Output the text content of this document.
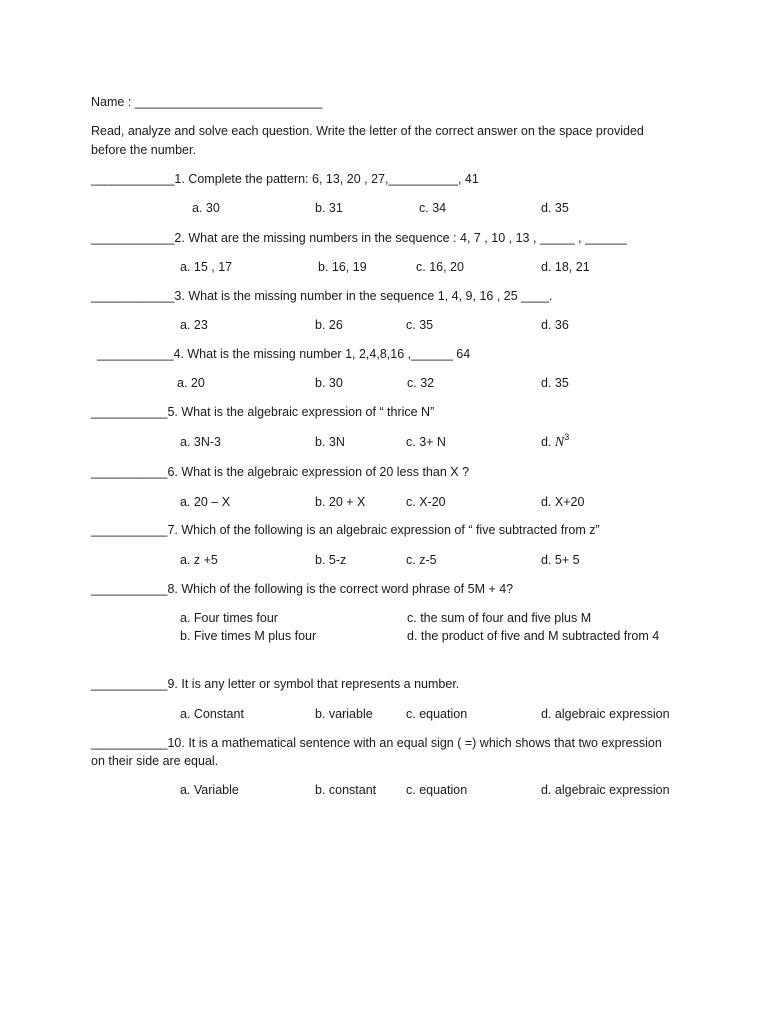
Name : ___________________________
Read, analyze and solve each question. Write the letter of the correct answer on the space provided
before the number.
____________1. Complete the pattern: 6, 13, 20 , 27,__________, 41
a. 30	b. 31	c. 34	d. 35
____________2. What are the missing numbers in the sequence : 4, 7 , 10 , 13 , _____ , ______
a. 15 , 17	b. 16, 19	c. 16, 20	d. 18, 21
____________3. What is the missing number in the sequence 1, 4, 9, 16 , 25 ____.
a. 23	b. 26	c. 35	d. 36
___________4. What is the missing number 1, 2,4,8,16 ,______ 64
a. 20	b. 30	c. 32	d. 35
___________5. What is the algebraic expression of “ thrice N”
a. 3N-3	b. 3N	c. 3+ N	d. $N^3$
___________6. What is the algebraic expression of 20 less than X ?
a. 20 – X	b. 20 + X	c. X-20	d. X+20
___________7. Which of the following is an algebraic expression of “ five subtracted from z”
a. z +5	b. 5-z	c. z-5	d. 5+ 5
___________8. Which of the following is the correct word phrase of 5M + 4?
a. Four times four	c. the sum of four and five plus M
b. Five times M plus four	d. the product of five and M subtracted from 4
___________9. It is any letter or symbol that represents a number.
a. Constant	b. variable	c. equation	d. algebraic expression
___________10. It is a mathematical sentence with an equal sign ( =) which shows that two expression
on their side are equal.
a. Variable	b. constant c. equation	d. algebraic expression
